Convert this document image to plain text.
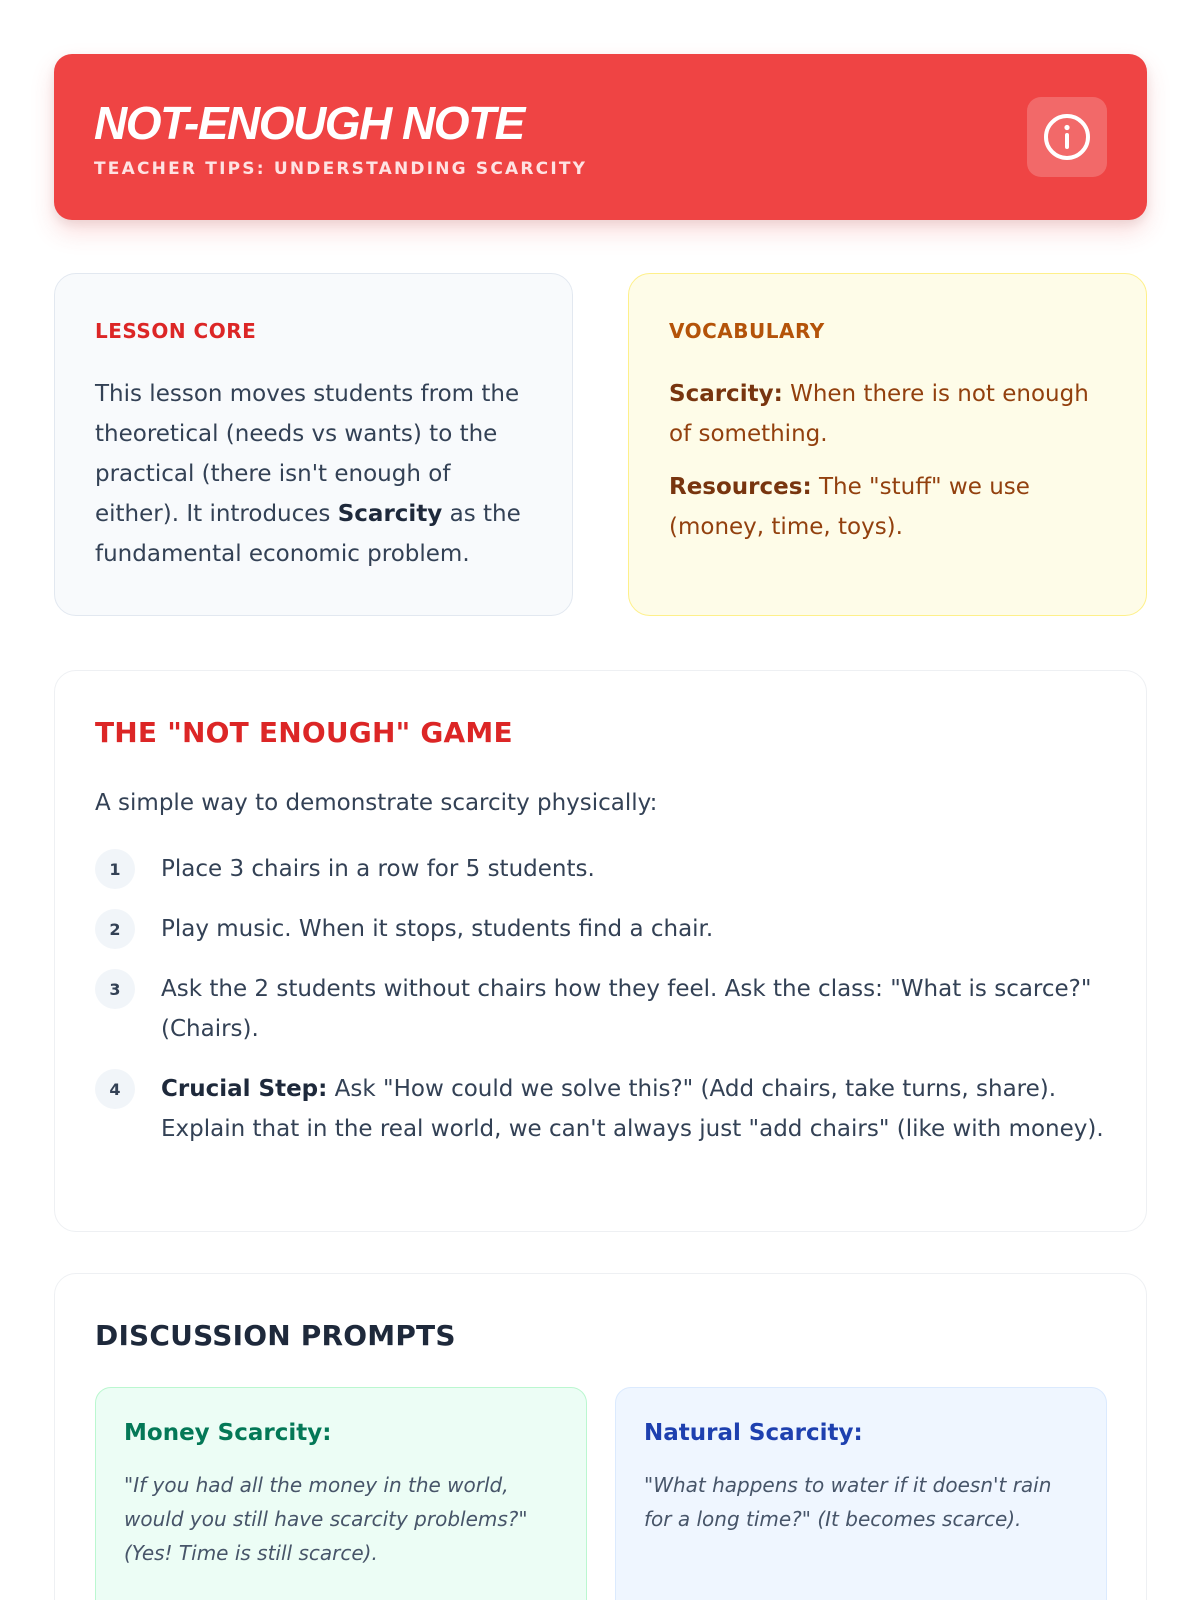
NOT-ENOUGH NOTE
TEACHER TIPS: UNDERSTANDING SCARCITY
LESSON CORE
This lesson moves students from the theoretical (needs vs wants) to the practical (there isn't enough of either). It introduces Scarcity as the fundamental economic problem.
VOCABULARY
Scarcity: When there is not enough of something.
Resources: The "stuff" we use (money, time, toys).
THE "NOT ENOUGH" GAME
A simple way to demonstrate scarcity physically:
1	Place 3 chairs in a row for 5 students.
2	Play music. When it stops, students find a chair.
3	Ask the 2 students without chairs how they feel. Ask the class: "What is scarce?" (Chairs).
4	Crucial Step: Ask "How could we solve this?" (Add chairs, take turns, share). Explain that in the real world, we can't always just "add chairs" (like with money).
DISCUSSION PROMPTS
Money Scarcity:
"If you had all the money in the world, would you still have scarcity problems?" (Yes! Time is still scarce).
Natural Scarcity:
"What happens to water if it doesn't rain for a long time?" (It becomes scarce).
